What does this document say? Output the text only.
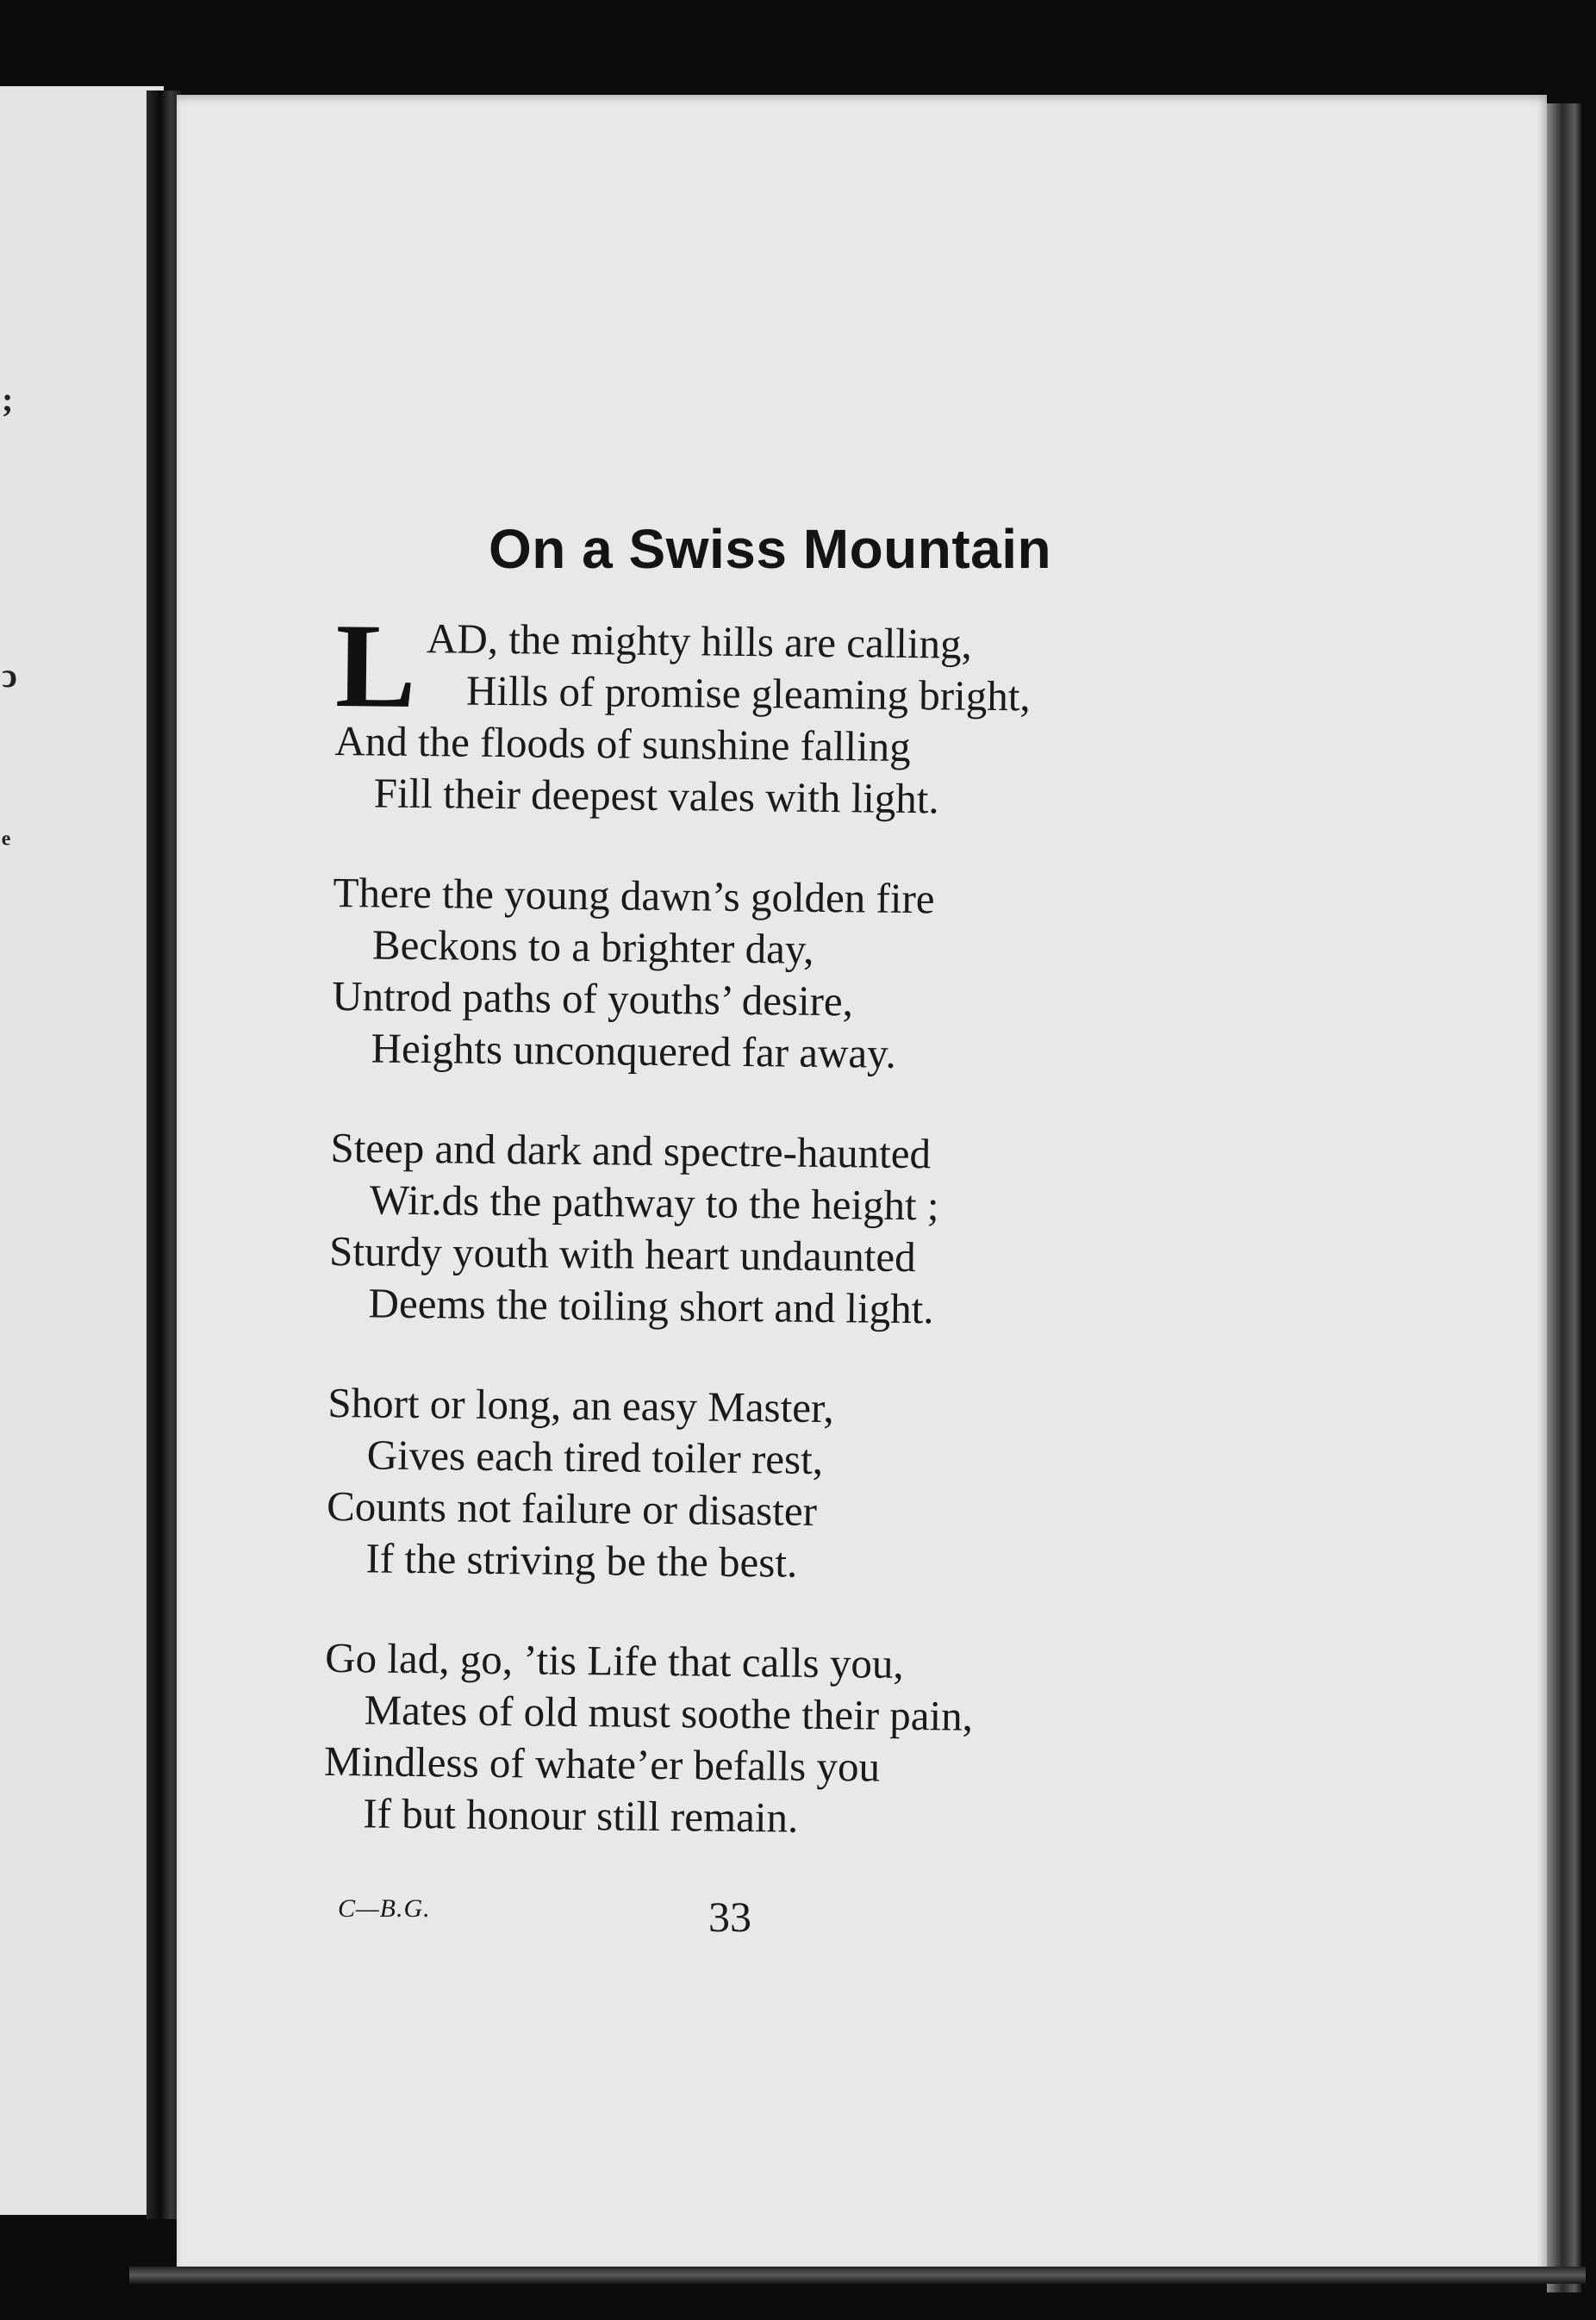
;
ↄ
ₑ
On a Swiss Mountain
L AD, the mighty hills are calling,
Hills of promise gleaming bright,
And the floods of sunshine falling
Fill their deepest vales with light.
There the young dawn’s golden fire
Beckons to a brighter day,
Untrod paths of youths’ desire,
Heights unconquered far away.
Steep and dark and spectre-haunted
Wir.ds the pathway to the height ;
Sturdy youth with heart undaunted
Deems the toiling short and light.
Short or long, an easy Master,
Gives each tired toiler rest,
Counts not failure or disaster
If the striving be the best.
Go lad, go, ’tis Life that calls you,
Mates of old must soothe their pain,
Mindless of whate’er befalls you
If but honour still remain.
C—B.G.	33
